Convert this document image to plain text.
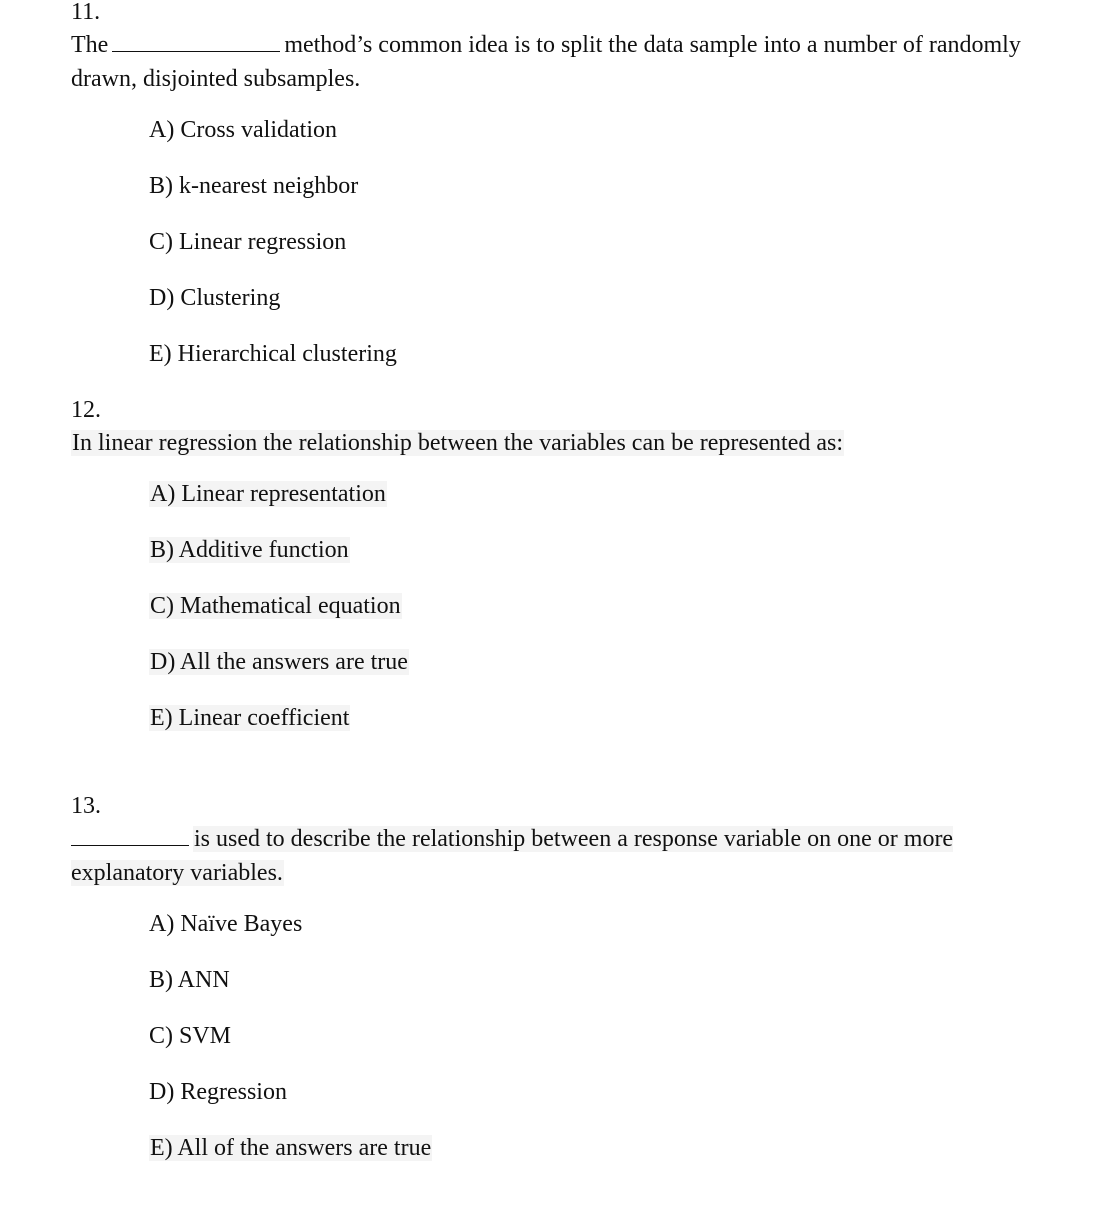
11.
The	method’s common idea is to split the data sample into a number of randomly drawn, disjointed subsamples.
A) Cross validation
B) k-nearest neighbor
C) Linear regression
D) Clustering
E) Hierarchical clustering
12.
In linear regression the relationship between the variables can be represented as:
A) Linear representation
B) Additive function
C) Mathematical equation
D) All the answers are true
E) Linear coefficient
13.
is used to describe the relationship between a response variable on one or more explanatory variables.
A) Naïve Bayes
B) ANN
C) SVM
D) Regression
E) All of the answers are true
